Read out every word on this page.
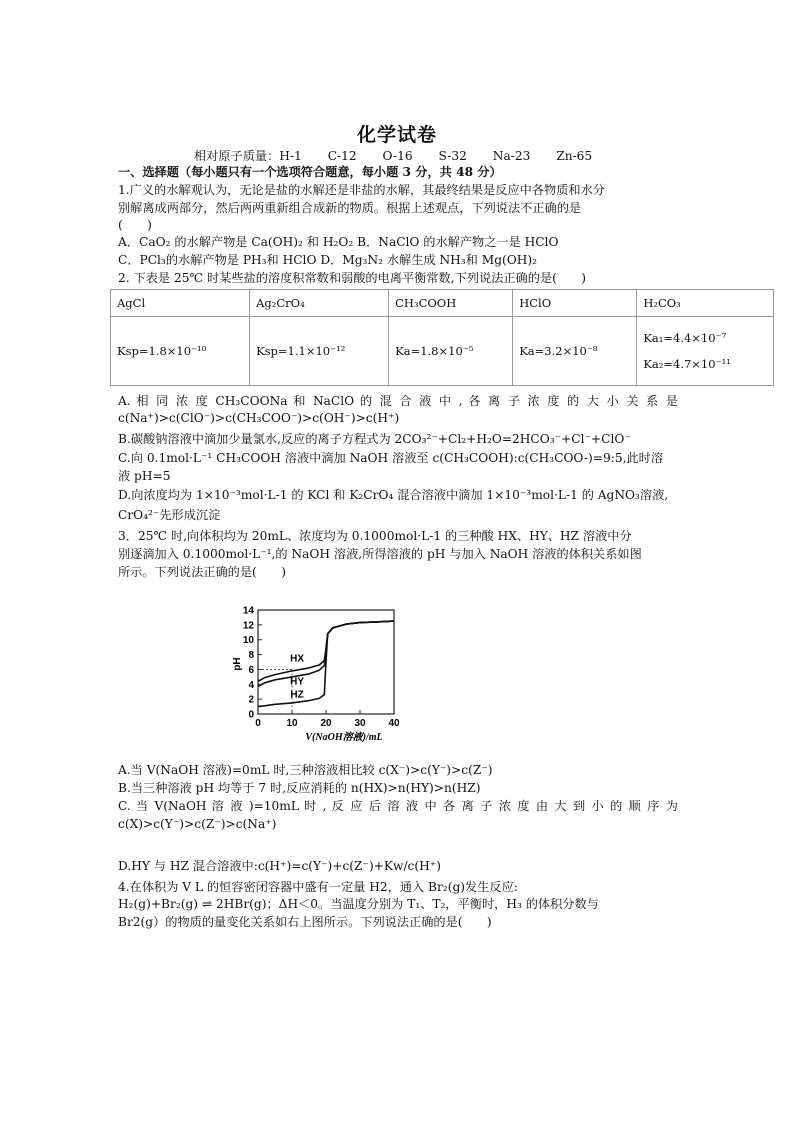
化学试卷
相对原子质量：H-1 C-12 O-16 S-32 Na-23 Zn-65
一、选择题（每小题只有一个选项符合题意，每小题 3 分，共 48 分）
1.广义的水解观认为，无论是盐的水解还是非盐的水解，其最终结果是反应中各物质和水分
别解离成两部分，然后两两重新组合成新的物质。根据上述观点，下列说法不正确的是
(　　)
A．CaO₂ 的水解产物是 Ca(OH)₂ 和 H₂O₂ B．NaClO 的水解产物之一是 HClO
C．PCl₃的水解产物是 PH₃和 HClO D．Mg₃N₂ 水解生成 NH₃和 Mg(OH)₂
2. 下表是 25℃ 时某些盐的溶度积常数和弱酸的电离平衡常数,下列说法正确的是(　　)
AgCl	Ag₂CrO₄	CH₃COOH	HClO	H₂CO₃
Ksp=1.8×10⁻¹⁰	Ksp=1.1×10⁻¹²	Ka=1.8×10⁻⁵	Ka=3.2×10⁻⁸	Ka₁=4.4×10⁻⁷
Ka₂=4.7×10⁻¹¹
A. 相 同 浓 度 CH₃COONa 和 NaClO 的 混 合 液 中 , 各 离 子 浓 度 的 大 小 关 系 是
c(Na⁺)>c(ClO⁻)>c(CH₃COO⁻)>c(OH⁻)>c(H⁺)
B.碳酸钠溶液中滴加少量氯水,反应的离子方程式为 2CO₃²⁻+Cl₂+H₂O=2HCO₃⁻+Cl⁻+ClO⁻
C.向 0.1mol·L⁻¹ CH₃COOH 溶液中滴加 NaOH 溶液至 c(CH₃COOH):c(CH₃COO-)=9:5,此时溶
液 pH=5
D.向浓度均为 1×10⁻³mol·L-1 的 KCl 和 K₂CrO₄ 混合溶液中滴加 1×10⁻³mol·L-1 的 AgNO₃溶液,
CrO₄²⁻先形成沉淀
3．25℃ 时,向体积均为 20mL、浓度均为 0.1000mol·L-1 的三种酸 HX、HY、HZ 溶液中分
别逐滴加入 0.1000mol·L⁻¹,的 NaOH 溶液,所得溶液的 pH 与加入 NaOH 溶液的体积关系如图
所示。下列说法正确的是(　　)
0
2
4
6
8
10
12
14
0	10 20 30 40
HX
HY
HZ
pH
V(NaOH溶液)/mL
A.当 V(NaOH 溶液)=0mL 时,三种溶液相比较 c(X⁻)>c(Y⁻)>c(Z⁻)
B.当三种溶液 pH 均等于 7 时,反应消耗的 n(HX)>n(HY)>n(HZ)
C. 当 V(NaOH 溶 液 )=10mL 时 , 反 应 后 溶 液 中 各 离 子 浓 度 由 大 到 小 的 顺 序 为
c(X)>c(Y⁻)>c(Z⁻)>c(Na⁺)
D.HY 与 HZ 混合溶液中:c(H⁺)=c(Y⁻)+c(Z⁻)+Kw/c(H⁺)
4.在体积为 V L 的恒容密闭容器中盛有一定量 H2，通入 Br₂(g)发生反应:
H₂(g)+Br₂(g) ⇌ 2HBr(g)；ΔH＜0。当温度分别为 T₁、T₂，平衡时，H₃ 的体积分数与
Br2(g）的物质的量变化关系如右上图所示。下列说法正确的是(　　)
